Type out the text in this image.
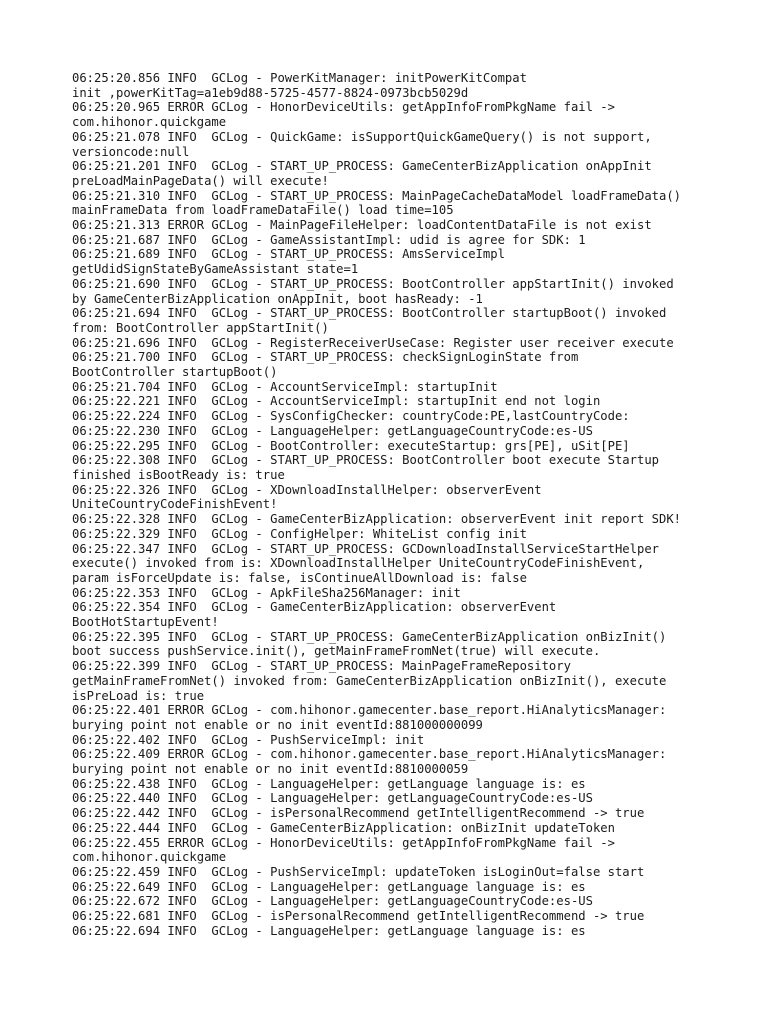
06:25:20.856 INFO  GCLog - PowerKitManager: initPowerKitCompat
init ,powerKitTag=a1eb9d88-5725-4577-8824-0973bcb5029d
06:25:20.965 ERROR GCLog - HonorDeviceUtils: getAppInfoFromPkgName fail ->
com.hihonor.quickgame
06:25:21.078 INFO  GCLog - QuickGame: isSupportQuickGameQuery() is not support,
versioncode:null
06:25:21.201 INFO  GCLog - START_UP_PROCESS: GameCenterBizApplication onAppInit
preLoadMainPageData() will execute!
06:25:21.310 INFO  GCLog - START_UP_PROCESS: MainPageCacheDataModel loadFrameData()
mainFrameData from loadFrameDataFile() load time=105
06:25:21.313 ERROR GCLog - MainPageFileHelper: loadContentDataFile is not exist
06:25:21.687 INFO  GCLog - GameAssistantImpl: udid is agree for SDK: 1
06:25:21.689 INFO  GCLog - START_UP_PROCESS: AmsServiceImpl
getUdidSignStateByGameAssistant state=1
06:25:21.690 INFO  GCLog - START_UP_PROCESS: BootController appStartInit() invoked
by GameCenterBizApplication onAppInit, boot hasReady: -1
06:25:21.694 INFO  GCLog - START_UP_PROCESS: BootController startupBoot() invoked
from: BootController appStartInit()
06:25:21.696 INFO  GCLog - RegisterReceiverUseCase: Register user receiver execute
06:25:21.700 INFO  GCLog - START_UP_PROCESS: checkSignLoginState from
BootController startupBoot()
06:25:21.704 INFO  GCLog - AccountServiceImpl: startupInit
06:25:22.221 INFO  GCLog - AccountServiceImpl: startupInit end not login
06:25:22.224 INFO  GCLog - SysConfigChecker: countryCode:PE,lastCountryCode:
06:25:22.230 INFO  GCLog - LanguageHelper: getLanguageCountryCode:es-US
06:25:22.295 INFO  GCLog - BootController: executeStartup: grs[PE], uSit[PE]
06:25:22.308 INFO  GCLog - START_UP_PROCESS: BootController boot execute Startup
finished isBootReady is: true
06:25:22.326 INFO  GCLog - XDownloadInstallHelper: observerEvent
UniteCountryCodeFinishEvent!
06:25:22.328 INFO  GCLog - GameCenterBizApplication: observerEvent init report SDK!
06:25:22.329 INFO  GCLog - ConfigHelper: WhiteList config init
06:25:22.347 INFO  GCLog - START_UP_PROCESS: GCDownloadInstallServiceStartHelper
execute() invoked from is: XDownloadInstallHelper UniteCountryCodeFinishEvent,
param isForceUpdate is: false, isContinueAllDownload is: false
06:25:22.353 INFO  GCLog - ApkFileSha256Manager: init
06:25:22.354 INFO  GCLog - GameCenterBizApplication: observerEvent
BootHotStartupEvent!
06:25:22.395 INFO  GCLog - START_UP_PROCESS: GameCenterBizApplication onBizInit()
boot success pushService.init(), getMainFrameFromNet(true) will execute.
06:25:22.399 INFO  GCLog - START_UP_PROCESS: MainPageFrameRepository
getMainFrameFromNet() invoked from: GameCenterBizApplication onBizInit(), execute
isPreLoad is: true
06:25:22.401 ERROR GCLog - com.hihonor.gamecenter.base_report.HiAnalyticsManager:
burying point not enable or no init eventId:881000000099
06:25:22.402 INFO  GCLog - PushServiceImpl: init
06:25:22.409 ERROR GCLog - com.hihonor.gamecenter.base_report.HiAnalyticsManager:
burying point not enable or no init eventId:8810000059
06:25:22.438 INFO  GCLog - LanguageHelper: getLanguage language is: es
06:25:22.440 INFO  GCLog - LanguageHelper: getLanguageCountryCode:es-US
06:25:22.442 INFO  GCLog - isPersonalRecommend getIntelligentRecommend -> true
06:25:22.444 INFO  GCLog - GameCenterBizApplication: onBizInit updateToken
06:25:22.455 ERROR GCLog - HonorDeviceUtils: getAppInfoFromPkgName fail ->
com.hihonor.quickgame
06:25:22.459 INFO  GCLog - PushServiceImpl: updateToken isLoginOut=false start
06:25:22.649 INFO  GCLog - LanguageHelper: getLanguage language is: es
06:25:22.672 INFO  GCLog - LanguageHelper: getLanguageCountryCode:es-US
06:25:22.681 INFO  GCLog - isPersonalRecommend getIntelligentRecommend -> true
06:25:22.694 INFO  GCLog - LanguageHelper: getLanguage language is: es
